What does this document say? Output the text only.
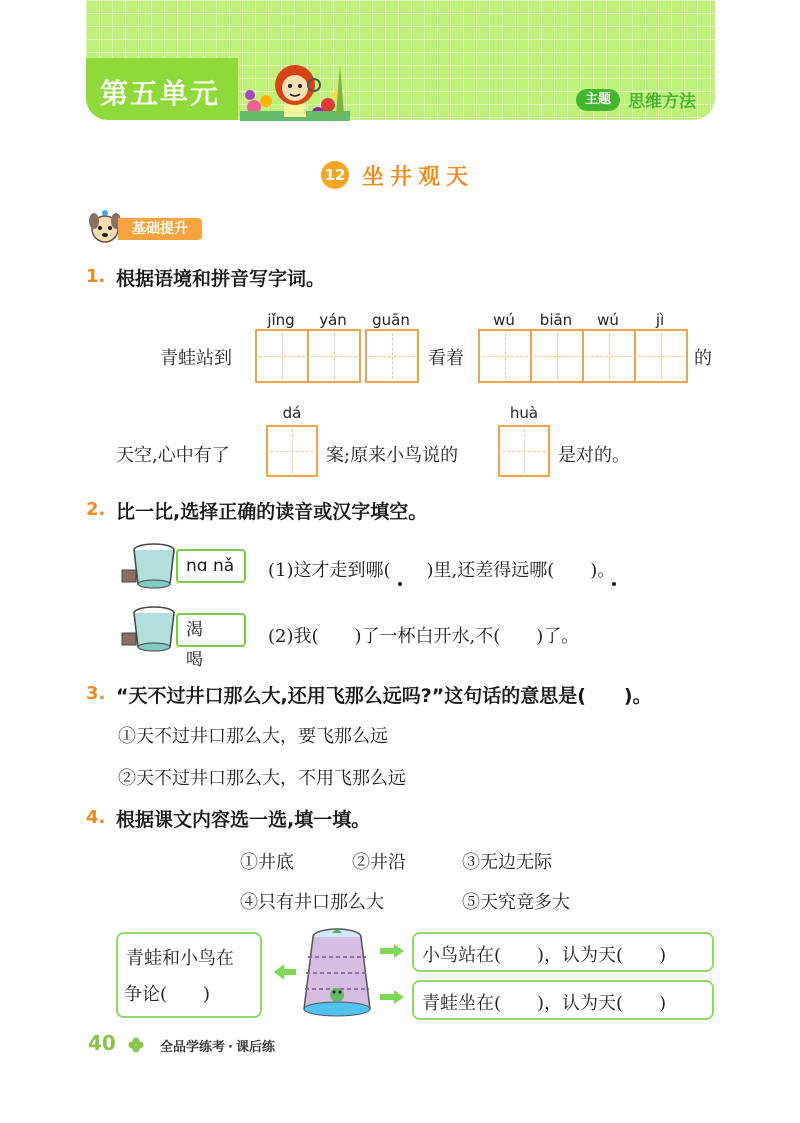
第五单元	主题	思维方法
12 坐井观天
基础提升
1. 根据语境和拼音写字词。
jǐng	yán	guān	wú	biān	wú	jì
青蛙站到	看着	的
dá	huà
天空,心中有了	案;原来小鸟说的	是对的。
2. 比一比,选择正确的读音或汉字填空。
nɑ nǎ	(1)这才走到哪(　　)里,还差得远哪(　　)。
渴　喝
(2)我(　　)了一杯白开水,不(　　)了。
3. “天不过井口那么大,还用飞那么远吗?”这句话的意思是(　　)。
①天不过井口那么大，要飞那么远
②天不过井口那么大，不用飞那么远
4. 根据课文内容选一选,填一填。
①井底	②井沿	③无边无际
④只有井口那么大	⑤天究竟多大
青蛙和小鸟在
争论(　　)
小鸟站在(　　)，认为天(　　)
青蛙坐在(　　)，认为天(　　)
40	全品学练考 · 课后练
